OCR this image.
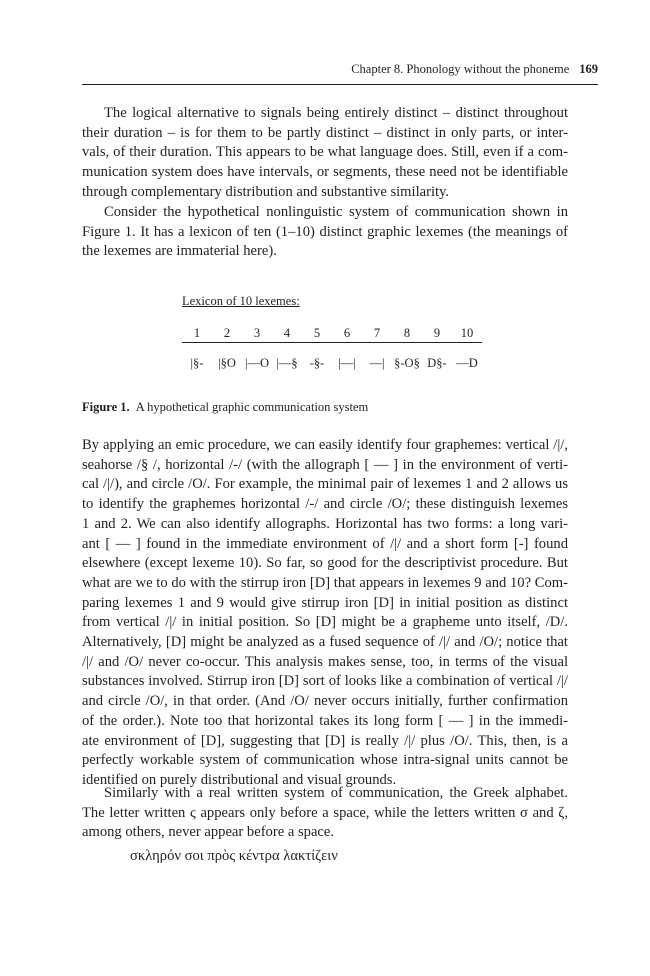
Chapter 8. Phonology without the phoneme 169
The logical alternative to signals being entirely distinct – distinct throughout
their duration – is for them to be partly distinct – distinct in only parts, or inter-
vals, of their duration. This appears to be what language does. Still, even if a com-
munication system does have intervals, or segments, these need not be identifiable
through complementary distribution and substantive similarity.
Consider the hypothetical nonlinguistic system of communication shown in
Figure 1. It has a lexicon of ten (1–10) distinct graphic lexemes (the meanings of
the lexemes are immaterial here).
Lexicon of 10 lexemes:
1	2	3	4	5	6	7	8	9	10
|§-	|§O |—O |—§ -§-	|—|	—| §-O§ D§- —D
Figure 1. A hypothetical graphic communication system
By applying an emic procedure, we can easily identify four graphemes: vertical /|/,
seahorse /§ /, horizontal /-/ (with the allograph [ — ] in the environment of verti-
cal /|/), and circle /O/. For example, the minimal pair of lexemes 1 and 2 allows us
to identify the graphemes horizontal /-/ and circle /O/; these distinguish lexemes
1 and 2. We can also identify allographs. Horizontal has two forms: a long vari-
ant [ — ] found in the immediate environment of /|/ and a short form [-] found
elsewhere (except lexeme 10). So far, so good for the descriptivist procedure. But
what are we to do with the stirrup iron [D] that appears in lexemes 9 and 10? Com-
paring lexemes 1 and 9 would give stirrup iron [D] in initial position as distinct
from vertical /|/ in initial position. So [D] might be a grapheme unto itself, /D/.
Alternatively, [D] might be analyzed as a fused sequence of /|/ and /O/; notice that
/|/ and /O/ never co-occur. This analysis makes sense, too, in terms of the visual
substances involved. Stirrup iron [D] sort of looks like a combination of vertical /|/
and circle /O/, in that order. (And /O/ never occurs initially, further confirmation
of the order.). Note too that horizontal takes its long form [ — ] in the immedi-
ate environment of [D], suggesting that [D] is really /|/ plus /O/. This, then, is a
perfectly workable system of communication whose intra-signal units cannot be
identified on purely distributional and visual grounds.
Similarly with a real written system of communication, the Greek alphabet.
The letter written ς appears only before a space, while the letters written σ and ζ,
among others, never appear before a space.
σκληρόν σοι πρὸς κέντρα λακτίζειν
